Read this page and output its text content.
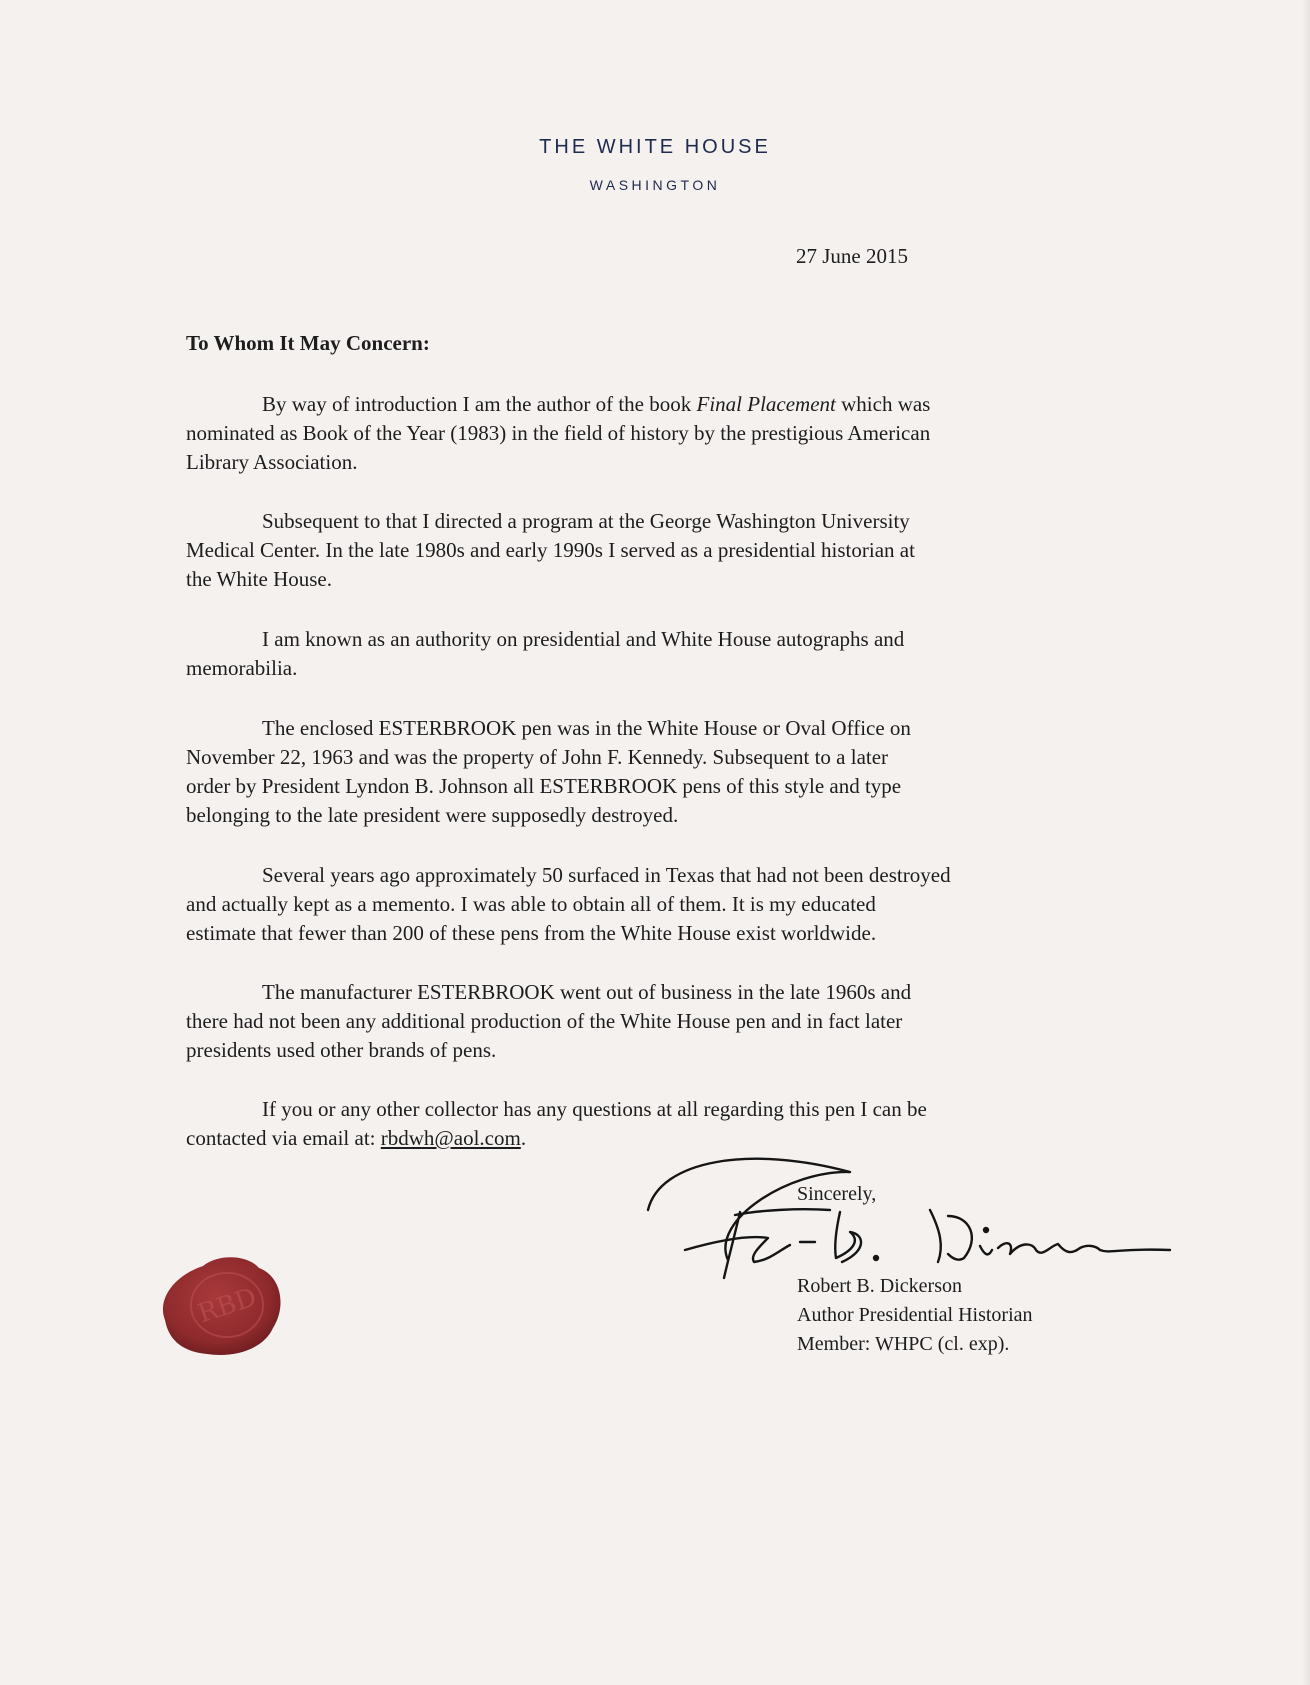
THE WHITE HOUSE
WASHINGTON
27 June 2015
To Whom It May Concern:
By way of introduction I am the author of the book Final Placement which was
nominated as Book of the Year (1983) in the field of history by the prestigious American
Library Association.
Subsequent to that I directed a program at the George Washington University
Medical Center. In the late 1980s and early 1990s I served as a presidential historian at
the White House.
I am known as an authority on presidential and White House autographs and
memorabilia.
The enclosed ESTERBROOK pen was in the White House or Oval Office on
November 22, 1963 and was the property of John F. Kennedy. Subsequent to a later
order by President Lyndon B. Johnson all ESTERBROOK pens of this style and type
belonging to the late president were supposedly destroyed.
Several years ago approximately 50 surfaced in Texas that had not been destroyed
and actually kept as a memento. I was able to obtain all of them. It is my educated
estimate that fewer than 200 of these pens from the White House exist worldwide.
The manufacturer ESTERBROOK went out of business in the late 1960s and
there had not been any additional production of the White House pen and in fact later
presidents used other brands of pens.
If you or any other collector has any questions at all regarding this pen I can be
contacted via email at: rbdwh@aol.com.
Sincerely,
Robert B. Dickerson
Author Presidential Historian
Member: WHPC (cl. exp).
RBD
